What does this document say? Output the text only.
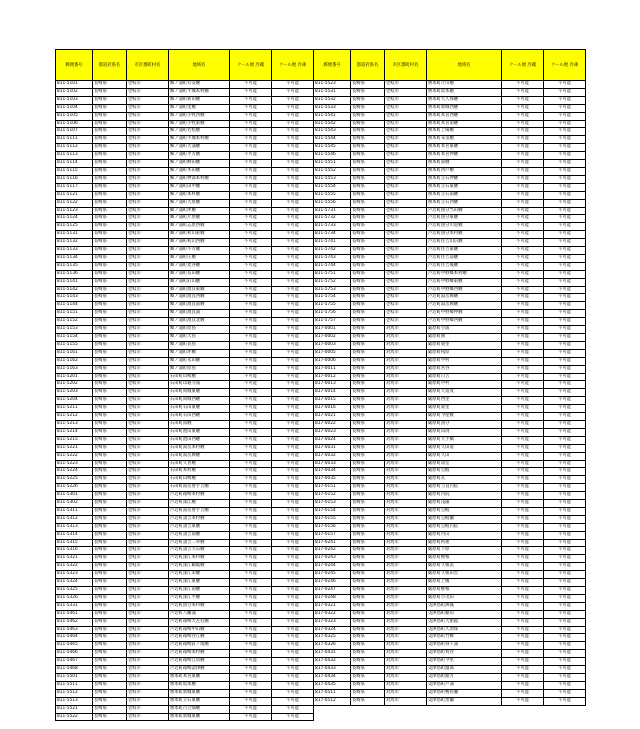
郵便番号	都道府県名	市区郡町村名	地域名	クール便 冷蔵	クール便 冷凍
811-5101	長崎県	壱岐市	郷ノ浦町有安触	不可能	不可能
811-5102	長崎県	壱岐市	郷ノ浦町半城本村触	不可能	不可能
811-5103	長崎県	壱岐市	郷ノ浦町新田触	不可能	不可能
811-5104	長崎県	壱岐市	郷ノ浦町里触	不可能	不可能
811-5105	長崎県	壱岐市	郷ノ浦町小牧西触	不可能	不可能
811-5106	長崎県	壱岐市	郷ノ浦町小牧東触	不可能	不可能
811-5107	長崎県	壱岐市	郷ノ浦町若松触	不可能	不可能
811-5111	長崎県	壱岐市	郷ノ浦町半城本村触	不可能	不可能
811-5112	長崎県	壱岐市	郷ノ浦町大浦触	不可能	不可能
811-5113	長崎県	壱岐市	郷ノ浦町平方触	不可能	不可能
811-5114	長崎県	壱岐市	郷ノ浦町柳田触	不可能	不可能
811-5115	長崎県	壱岐市	郷ノ浦町木田触	不可能	不可能
811-5116	長崎県	壱岐市	郷ノ浦町物部本村触	不可能	不可能
811-5117	長崎県	壱岐市	郷ノ浦町田中触	不可能	不可能
811-5121	長崎県	壱岐市	郷ノ浦町本村触	不可能	不可能
811-5122	長崎県	壱岐市	郷ノ浦町大原触	不可能	不可能
811-5123	長崎県	壱岐市	郷ノ浦町坪触	不可能	不可能
811-5124	長崎県	壱岐市	郷ノ浦町片原触	不可能	不可能
811-5125	長崎県	壱岐市	郷ノ浦町志原西触	不可能	不可能
811-5131	長崎県	壱岐市	郷ノ浦町初山東触	不可能	不可能
811-5132	長崎県	壱岐市	郷ノ浦町初山西触	不可能	不可能
811-5133	長崎県	壱岐市	郷ノ浦町牛方触	不可能	不可能
811-5134	長崎県	壱岐市	郷ノ浦町庄触	不可能	不可能
811-5135	長崎県	壱岐市	郷ノ浦町麦谷触	不可能	不可能
811-5136	長崎県	壱岐市	郷ノ浦町長田触	不可能	不可能
811-5141	長崎県	壱岐市	郷ノ浦町釘山触	不可能	不可能
811-5142	長崎県	壱岐市	郷ノ浦町渡良東触	不可能	不可能
811-5143	長崎県	壱岐市	郷ノ浦町渡良西触	不可能	不可能
811-5144	長崎県	壱岐市	郷ノ浦町渡良南触	不可能	不可能
811-5151	長崎県	壱岐市	郷ノ浦町渡良浦	不可能	不可能
811-5152	長崎県	壱岐市	郷ノ浦町渡良北触	不可能	不可能
811-5153	長崎県	壱岐市	郷ノ浦町原島	不可能	不可能
811-5154	長崎県	壱岐市	郷ノ浦町大島	不可能	不可能
811-5155	長崎県	壱岐市	郷ノ浦町長島	不可能	不可能
811-5161	長崎県	壱岐市	郷ノ浦町坪触	不可能	不可能
811-5162	長崎県	壱岐市	郷ノ浦町永田触	不可能	不可能
811-5163	長崎県	壱岐市	郷ノ浦町原島	不可能	不可能
811-5201	長崎県	壱岐市	石田町山崎触	不可能	不可能
811-5202	長崎県	壱岐市	石田町印通寺浦	不可能	不可能
811-5203	長崎県	壱岐市	石田町筒城東触	不可能	不可能
811-5204	長崎県	壱岐市	石田町筒城西触	不可能	不可能
811-5211	長崎県	壱岐市	石田町石田東触	不可能	不可能
811-5212	長崎県	壱岐市	石田町石田西触	不可能	不可能
811-5213	長崎県	壱岐市	石田町南触	不可能	不可能
811-5214	長崎県	壱岐市	石田町池田東触	不可能	不可能
811-5215	長崎県	壱岐市	石田町池田西触	不可能	不可能
811-5221	長崎県	壱岐市	石田町湯岳本村触	不可能	不可能
811-5222	長崎県	壱岐市	石田町湯岳興触	不可能	不可能
811-5223	長崎県	壱岐市	石田町久喜触	不可能	不可能
811-5224	長崎県	壱岐市	石田町本村触	不可能	不可能
811-5225	長崎県	壱岐市	石田町山崎触	不可能	不可能
811-5226	長崎県	壱岐市	石田町湯岳射手吉触	不可能	不可能
811-5301	長崎県	壱岐市	芦辺町箱崎本村触	不可能	不可能
811-5302	長崎県	壱岐市	芦辺町深江触	不可能	不可能
811-5311	長崎県	壱岐市	芦辺町湯岳射手吉触	不可能	不可能
811-5312	長崎県	壱岐市	芦辺町諸吉本村触	不可能	不可能
811-5313	長崎県	壱岐市	芦辺町諸吉東触	不可能	不可能
811-5314	長崎県	壱岐市	芦辺町諸吉南触	不可能	不可能
811-5315	長崎県	壱岐市	芦辺町諸吉二亦触	不可能	不可能
811-5316	長崎県	壱岐市	芦辺町諸吉大石触	不可能	不可能
811-5321	長崎県	壱岐市	芦辺町深江本村触	不可能	不可能
811-5322	長崎県	壱岐市	芦辺町深江鶴亀触	不可能	不可能
811-5323	長崎県	壱岐市	芦辺町深江栄触	不可能	不可能
811-5324	長崎県	壱岐市	芦辺町深江東触	不可能	不可能
811-5325	長崎県	壱岐市	芦辺町深江南触	不可能	不可能
811-5326	長崎県	壱岐市	芦辺町深江平触	不可能	不可能
811-5331	長崎県	壱岐市	芦辺町国分本村触	不可能	不可能
811-5461	長崎県	壱岐市	芦辺町八幡浦	不可能	不可能
811-5462	長崎県	壱岐市	芦辺町箱崎大左右触	不可能	不可能
811-5463	長崎県	壱岐市	芦辺町箱崎中山触	不可能	不可能
811-5464	長崎県	壱岐市	芦辺町箱崎谷江触	不可能	不可能
811-5465	長崎県	壱岐市	芦辺町箱崎釘ノ尾触	不可能	不可能
811-5466	長崎県	壱岐市	芦辺町箱崎本村触	不可能	不可能
811-5467	長崎県	壱岐市	芦辺町箱崎江角触	不可能	不可能
811-5468	長崎県	壱岐市	芦辺町箱崎諸津触	不可能	不可能
811-5501	長崎県	壱岐市	勝本町本宮東触	不可能	不可能
811-5511	長崎県	壱岐市	勝本町坂本触	不可能	不可能
811-5512	長崎県	壱岐市	勝本町新城東触	不可能	不可能
811-5513	長崎県	壱岐市	勝本町立石東触	不可能	不可能
811-5521	長崎県	壱岐市	勝本町百合畑触	不可能	不可能
811-5522	長崎県	壱岐市	勝本町新城東触	不可能	不可能
郵便番号	都道府県名	市区郡町村名	地域名	クール便 冷蔵	クール便 冷凍
811-5523	長崎県	壱岐市	勝本町片山触	不可能	不可能
811-5531	長崎県	壱岐市	勝本町坂本触	不可能	不可能
811-5532	長崎県	壱岐市	勝本町大久保触	不可能	不可能
811-5533	長崎県	壱岐市	勝本町新城西触	不可能	不可能
811-5541	長崎県	壱岐市	勝本町本宮西触	不可能	不可能
811-5542	長崎県	壱岐市	勝本町本宮南触	不可能	不可能
811-5543	長崎県	壱岐市	勝本町上場触	不可能	不可能
811-5544	長崎県	壱岐市	勝本町布気触	不可能	不可能
811-5545	長崎県	壱岐市	勝本町本宮東触	不可能	不可能
811-5546	長崎県	壱岐市	勝本町本宮仲触	不可能	不可能
811-5551	長崎県	壱岐市	勝本町東触	不可能	不可能
811-5552	長崎県	壱岐市	勝本町西戸触	不可能	不可能
811-5553	長崎県	壱岐市	勝本町立石仲触	不可能	不可能
811-5554	長崎県	壱岐市	勝本町立石東触	不可能	不可能
811-5555	長崎県	壱岐市	勝本町立石南触	不可能	不可能
811-5556	長崎県	壱岐市	勝本町立石西触	不可能	不可能
811-5731	長崎県	壱岐市	芦辺町国分当田触	不可能	不可能
811-5732	長崎県	壱岐市	芦辺町国分東触	不可能	不可能
811-5733	長崎県	壱岐市	芦辺町国分川迎触	不可能	不可能
811-5734	長崎県	壱岐市	芦辺町国分本村触	不可能	不可能
811-5741	長崎県	壱岐市	芦辺町住吉山信触	不可能	不可能
811-5742	長崎県	壱岐市	芦辺町住吉東触	不可能	不可能
811-5743	長崎県	壱岐市	芦辺町住吉前触	不可能	不可能
811-5744	長崎県	壱岐市	芦辺町住吉後触	不可能	不可能
811-5751	長崎県	壱岐市	芦辺町中野郷本村触	不可能	不可能
811-5752	長崎県	壱岐市	芦辺町中野郷東触	不可能	不可能
811-5753	長崎県	壱岐市	芦辺町中野郷西触	不可能	不可能
811-5754	長崎県	壱岐市	芦辺町湯岳興触	不可能	不可能
811-5755	長崎県	壱岐市	芦辺町湯岳興触	不可能	不可能
811-5756	長崎県	壱岐市	芦辺町中野郷仲触	不可能	不可能
811-5757	長崎県	壱岐市	芦辺町中野郷西触	不可能	不可能
817-0001	長崎県	対馬市	厳原町小浦	不可能	不可能
817-0002	長崎県	対馬市	厳原町曲	不可能	不可能
817-0003	長崎県	対馬市	厳原町東里	不可能	不可能
817-0005	長崎県	対馬市	厳原町桟原	不可能	不可能
817-0006	長崎県	対馬市	厳原町中村	不可能	不可能
817-0011	長崎県	対馬市	厳原町宮谷	不可能	不可能
817-0012	長崎県	対馬市	厳原町日吉	不可能	不可能
817-0013	長崎県	対馬市	厳原町中村	不可能	不可能
817-0014	長崎県	対馬市	厳原町天道茂	不可能	不可能
817-0015	長崎県	対馬市	厳原町西里	不可能	不可能
817-0016	長崎県	対馬市	厳原町東里	不可能	不可能
817-0021	長崎県	対馬市	厳原町今屋敷	不可能	不可能
817-0022	長崎県	対馬市	厳原町国分	不可能	不可能
817-0023	長崎県	対馬市	厳原町田渕	不可能	不可能
817-0024	長崎県	対馬市	厳原町大手橋	不可能	不可能
817-0031	長崎県	対馬市	厳原町久田道	不可能	不可能
817-0032	長崎県	対馬市	厳原町久田	不可能	不可能
817-0033	長崎県	対馬市	厳原町南室	不可能	不可能
817-0034	長崎県	対馬市	厳原町豆酘	不可能	不可能
817-0035	長崎県	対馬市	厳原町瓦	不可能	不可能
817-0151	長崎県	対馬市	厳原町与良内院	不可能	不可能
817-0152	長崎県	対馬市	厳原町内院	不可能	不可能
817-0153	長崎県	対馬市	厳原町浅藻	不可能	不可能
817-0154	長崎県	対馬市	厳原町豆酘	不可能	不可能
817-0155	長崎県	対馬市	厳原町豆酘瀬	不可能	不可能
817-0156	長崎県	対馬市	厳原町豆酘内院	不可能	不可能
817-0157	長崎県	対馬市	厳原町内山	不可能	不可能
817-0241	長崎県	対馬市	厳原町阿連	不可能	不可能
817-0242	長崎県	対馬市	厳原町下原	不可能	不可能
817-0243	長崎県	対馬市	厳原町樫根	不可能	不可能
817-0244	長崎県	対馬市	厳原町久根浜	不可能	不可能
817-0245	長崎県	対馬市	厳原町久根田舎	不可能	不可能
817-0246	長崎県	対馬市	厳原町上槻	不可能	不可能
817-0247	長崎県	対馬市	厳原町椎根	不可能	不可能
817-0248	長崎県	対馬市	厳原町小茂田	不可能	不可能
817-0321	長崎県	対馬市	美津島町洲藻	不可能	不可能
817-0322	長崎県	対馬市	美津島町雞知	不可能	不可能
817-0323	長崎県	対馬市	美津島町大船越	不可能	不可能
817-0324	長崎県	対馬市	美津島町久須保	不可能	不可能
817-0325	長崎県	対馬市	美津島町竹敷	不可能	不可能
817-0326	長崎県	対馬市	美津島町昼ヶ浦	不可能	不可能
817-0431	長崎県	対馬市	美津島町賀谷	不可能	不可能
817-0432	長崎県	対馬市	美津島町今里	不可能	不可能
817-0433	長崎県	対馬市	美津島町濃部	不可能	不可能
817-0434	長崎県	対馬市	美津島町緒方	不可能	不可能
817-0435	長崎県	対馬市	美津島町芦浦	不可能	不可能
817-0511	長崎県	対馬市	美津島町鴨居瀬	不可能	不可能
817-0512	長崎県	対馬市	美津島町黒瀬	不可能	不可能
